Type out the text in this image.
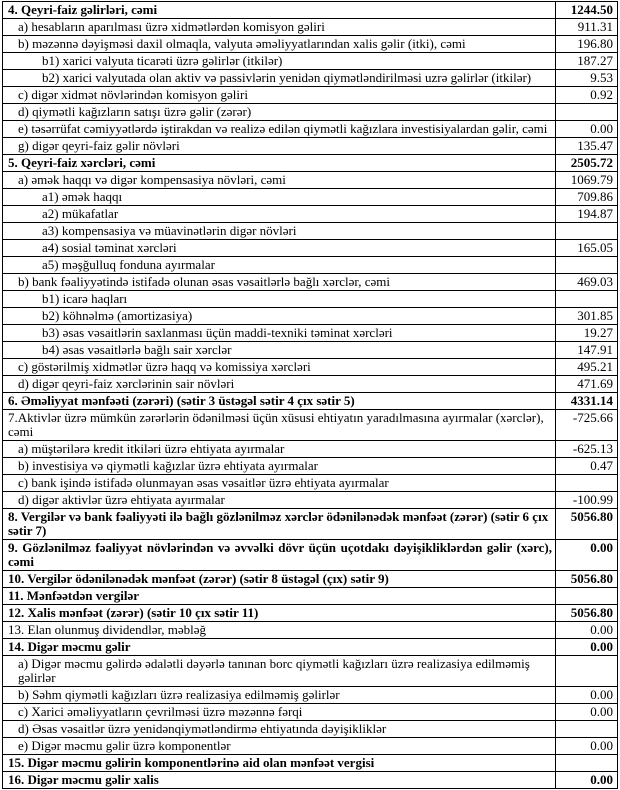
4. Qeyri-faiz gəlirləri, cəmi	1244.50
a) hesabların aparılması üzrə xidmətlərdən komisyon gəliri	911.31
b) məzənnə dəyişməsi daxil olmaqla, valyuta əməliyyatlarından xalis gəlir (itki), cəmi	196.80
b1) xarici valyuta ticarəti üzrə gəlirlər (itkilər)	187.27
b2) xarici valyutada olan aktiv və passivlərin yenidən qiymətləndirilməsi uzrə gəlirlər (itkilər)	9.53
c) digər xidmət növlərindən komisyon gəliri	0.92
d) qiymətli kağızların satışı üzrə gəlir (zərər)	
e) təsərrüfat cəmiyyətlərdə iştirakdan və realizə edilən qiymətli kağızlara investisiyalardan gəlir, cəmi	0.00
g) digər qeyri-faiz gəlir növləri	135.47
5. Qeyri-faiz xərcləri, cəmi	2505.72
a) əmək haqqı və digər kompensasiya növləri, cəmi	1069.79
a1) əmək haqqı	709.86
a2) mükafatlar	194.87
a3) kompensasiya və müavinətlərin digər növləri	
a4) sosial təminat xərcləri	165.05
a5) məşğulluq fonduna ayırmalar	
b) bank fəaliyyətində istifadə olunan əsas vəsaitlərlə bağlı xərclər, cəmi	469.03
b1) icarə haqları	
b2) köhnəlmə (amortizasiya)	301.85
b3) əsas vəsaitlərin saxlanması üçün maddi-texniki təminat xərcləri	19.27
b4) əsas vəsaitlərlə bağlı sair xərclər	147.91
c) göstərilmiş xidmətlər üzrə haqq və komissiya xərcləri	495.21
d) digər qeyri-faiz xərclərinin sair növləri	471.69
6. Əməliyyat mənfəəti (zərəri) (sətir 3 üstəgəl sətir 4 çıx sətir 5)	4331.14
7.Aktivlər üzrə mümkün zərərlərin ödənilməsi üçün xüsusi ehtiyatın yaradılmasına ayırmalar (xərclər), cəmi	-725.66
a) müştərilərə kredit itkiləri üzrə ehtiyata ayırmalar	-625.13
b) investisiya və qiymətli kağızlar üzrə ehtiyata ayırmalar	0.47
c) bank işində istifadə olunmayan əsas vəsaitlər üzrə ehtiyata ayırmalar	
d) digər aktivlər üzrə ehtiyata ayırmalar	-100.99
8. Vergilər və bank fəaliyyəti ilə bağlı gözlənilməz xərclər ödənilənədək mənfəət (zərər) (sətir 6 çıx sətir 7)	5056.80
9. Gözlənilməz fəaliyyət növlərindən və əvvəlki dövr üçün uçotdakı dəyişikliklərdən gəlir (xərc), cəmi	0.00
10. Vergilər ödənilənədək mənfəət (zərər) (sətir 8 üstəgəl (çıx) sətir 9)	5056.80
11. Mənfəətdən vergilər	
12. Xalis mənfəət (zərər) (sətir 10 çıx sətir 11)	5056.80
13. Elan olunmuş dividendlər, məbləğ	0.00
14. Digər məcmu gəlir	0.00
a) Digər məcmu gəlirdə ədalətli dəyərlə tanınan borc qiymətli kağızları üzrə realizasiya edilməmiş gəlirlər	
b) Səhm qiymətli kağızları üzrə realizasiya edilməmiş gəlirlər	0.00
c) Xarici əməliyyatların çevrilməsi üzrə məzənnə fərqi	0.00
d) Əsas vəsaitlər üzrə yenidənqiymətləndirmə ehtiyatında dəyişikliklər	
e) Digər məcmu gəlir üzrə komponentlər	0.00
15. Digər məcmu gəlirin komponentlərinə aid olan mənfəət vergisi	
16. Digər məcmu gəlir xalis	0.00
